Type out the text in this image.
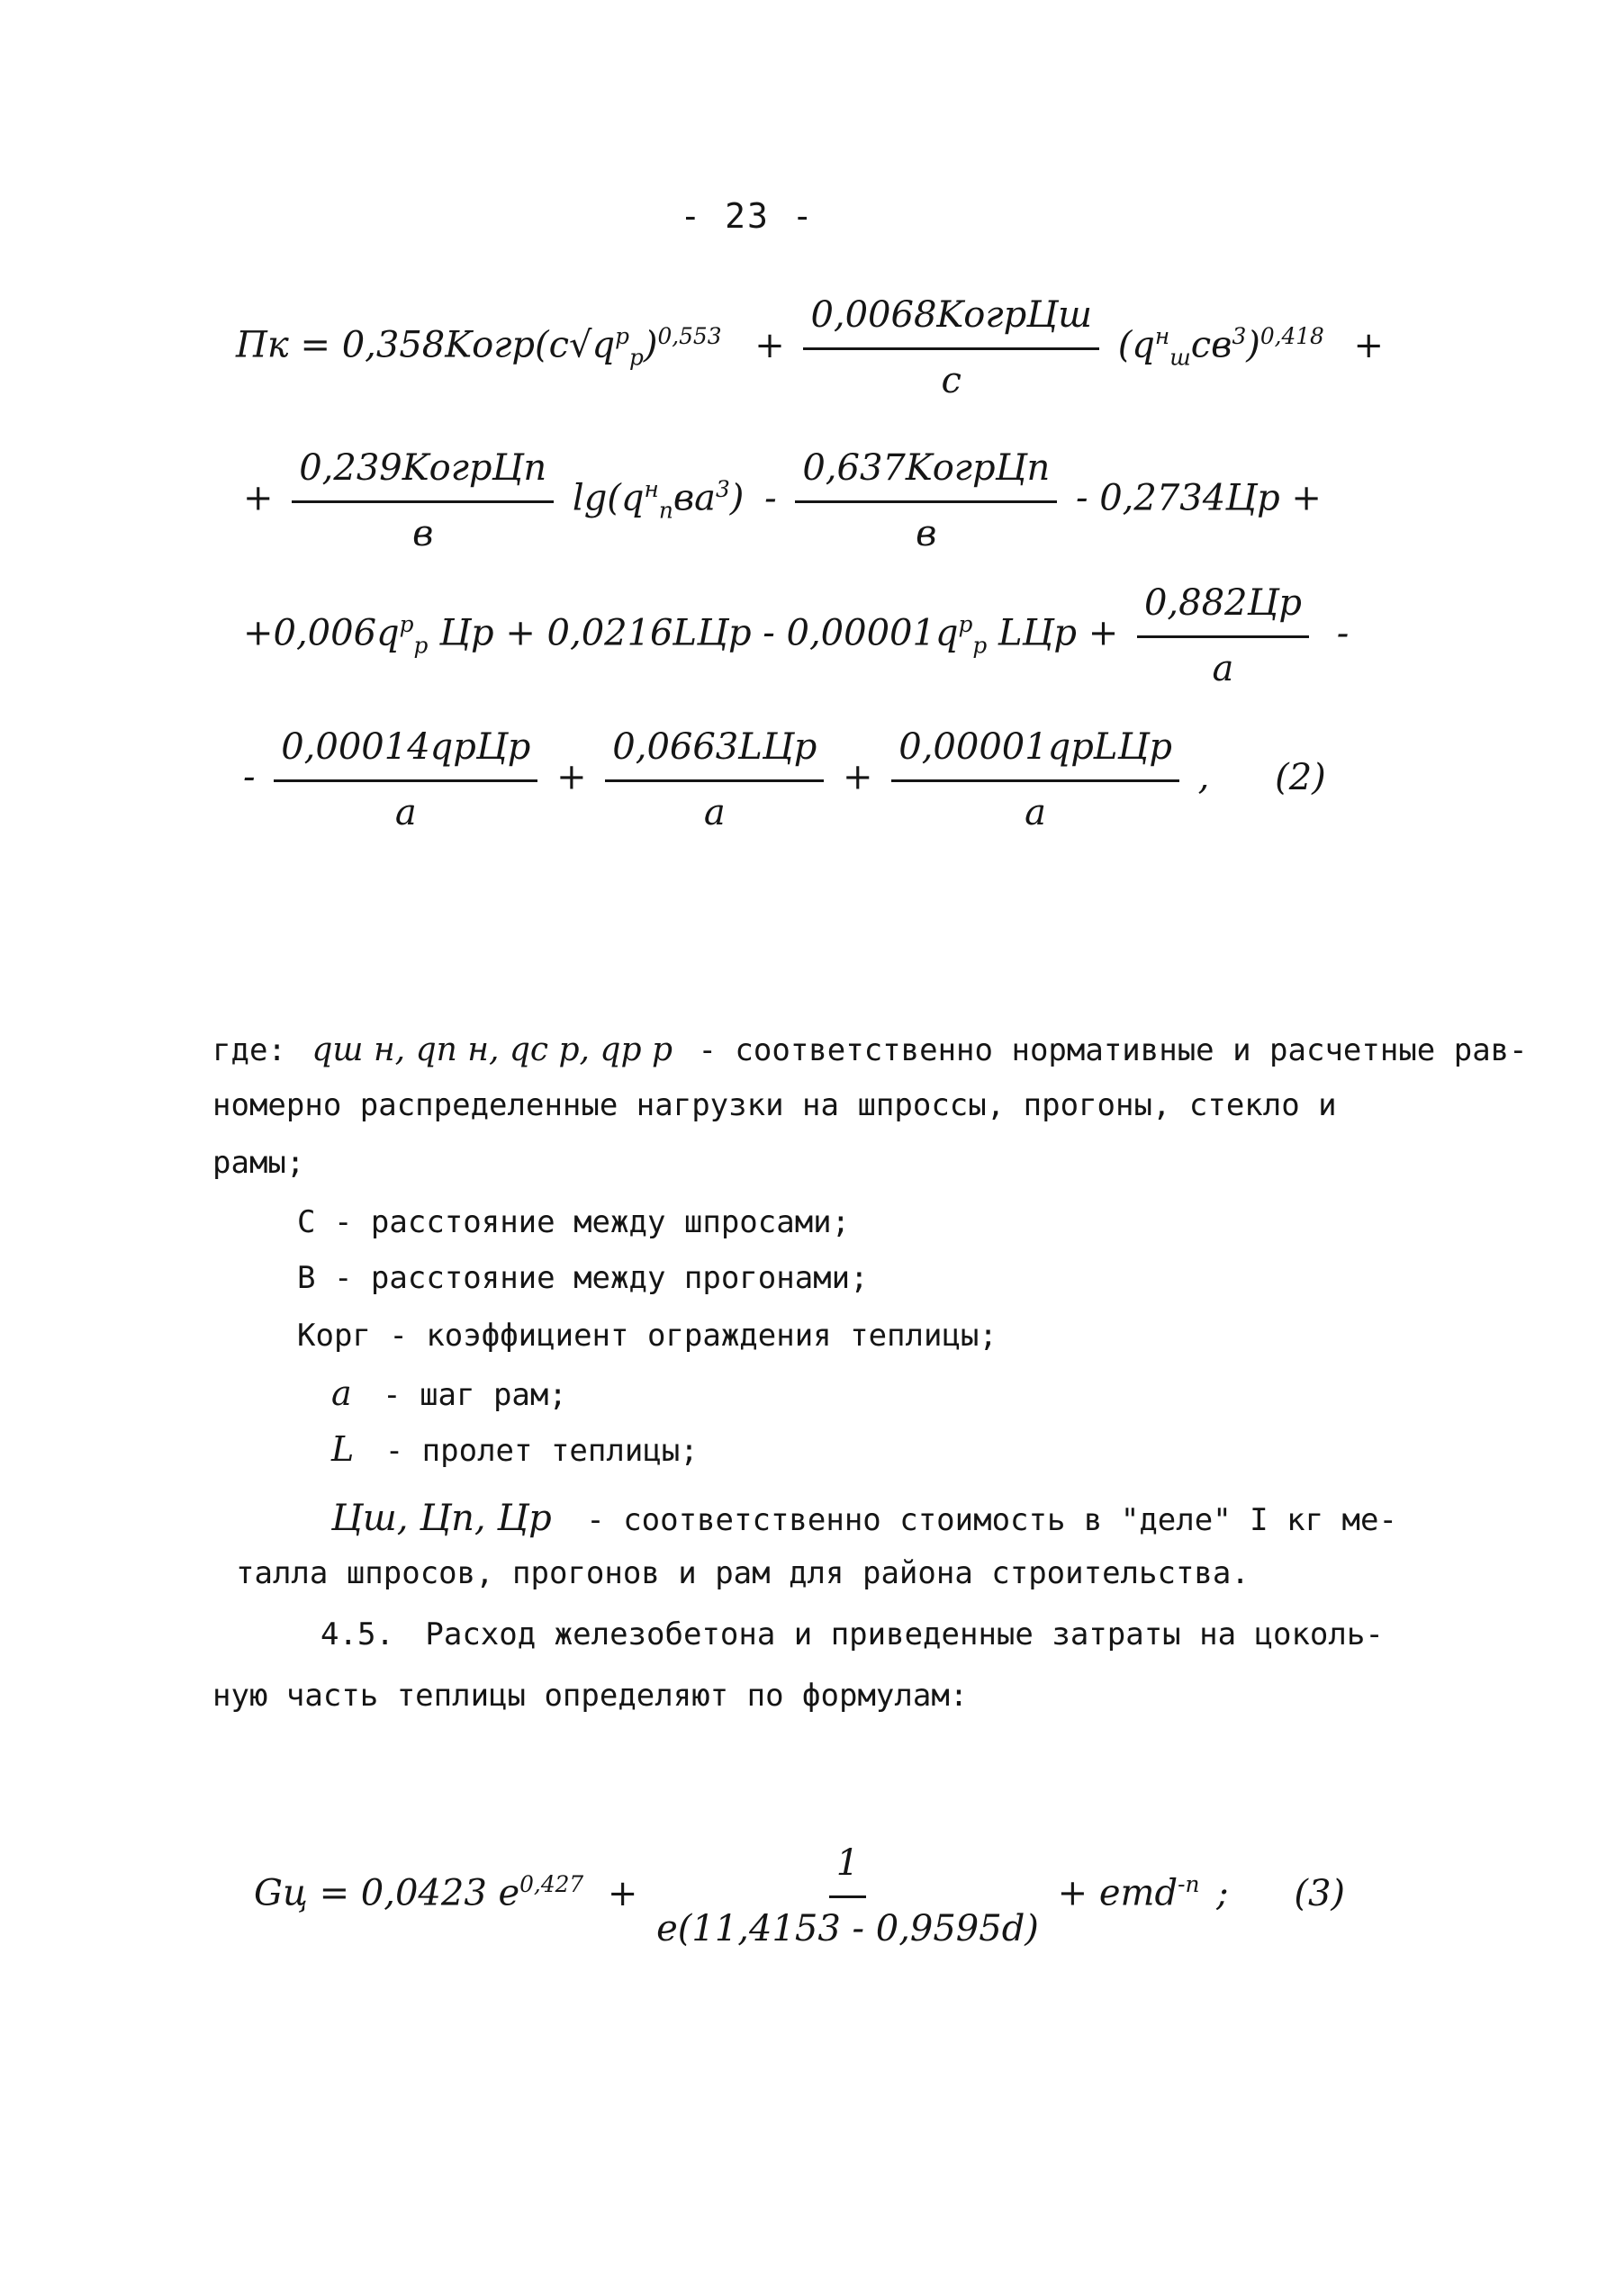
- 23 -
Пк = $0,358Kогр(c√q^р_р)^{0,553} + \frac{\text{0,0068KогрЦш}}{c} (q^н_шcв^3)^{0,418}$ +
+ $\frac{\text{0,239KогрЦп}}{в} \lg(q^н_пвa^3) - \frac{\text{0,637KогрЦп}}{в} - 0,2734Цр$ +
$+0,006q^р_р$ Цр + $0,0216LЦр - 0,00001q^р_р$ LЦр + $\frac{0,882Цр}{a}$ -
- $\frac{\text{0,00014qрЦр}}{a} + \frac{\text{0,0663LЦр}}{a} + \frac{\text{0,00001qрLЦр}}{a}$ , (2)
где: qш н, qп н, qс р, qр р - соответственно нормативные и расчетные рав-
номерно распределенные нагрузки на шпроссы, прогоны, стекло и
рамы;
С - расстояние между шпросами;
В - расстояние между прогонами;
Корг - коэффициент ограждения теплицы;
a - шаг рам;
L - пролет теплицы;
Цш, Цп, Цр - соответственно стоимость в "деле" I кг ме-
талла шпросов, прогонов и рам для района строительства.
4.5. Расход железобетона и приведенные затраты на цоколь-
ную часть теплицы определяют по формулам:
Gц = 0,0423 $e^{0,427} + \frac{1}{e(11,4153 - 0,9595d)} + emd^{-n}$ ; (3)
